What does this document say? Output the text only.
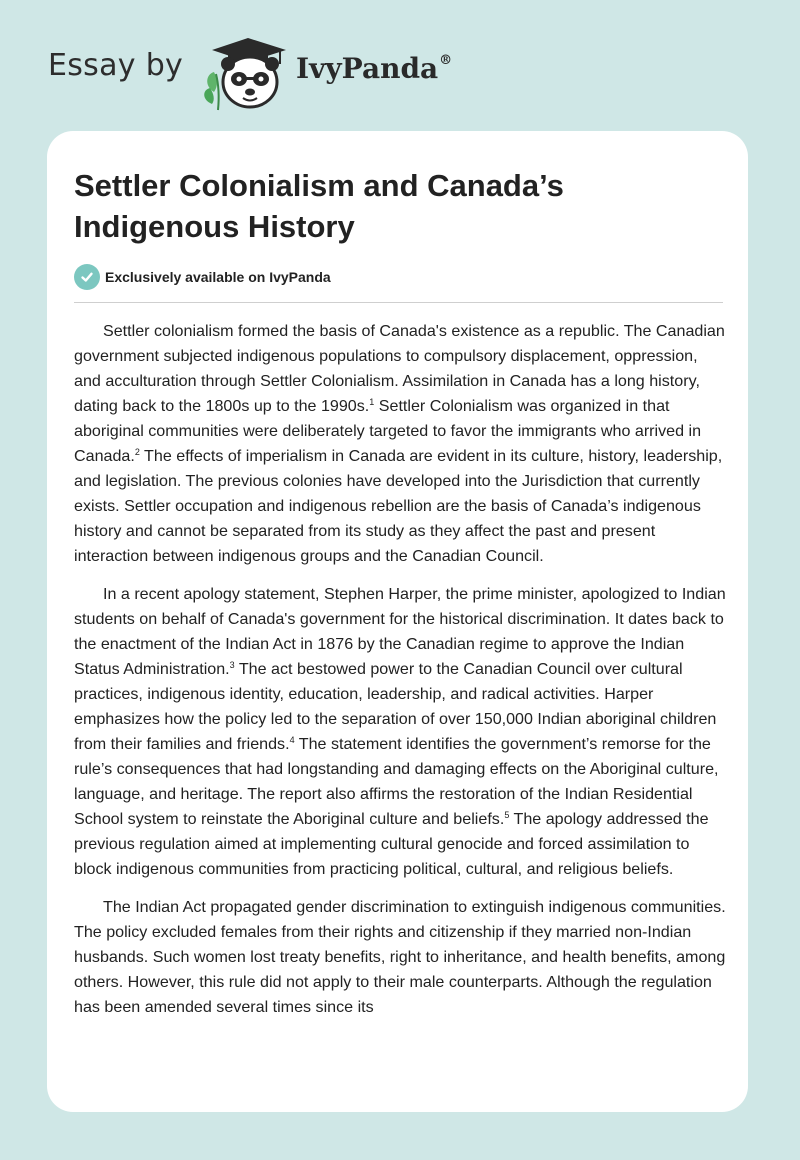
Essay by	IvyPanda®
Settler Colonialism and Canada’s Indigenous History
Exclusively available on IvyPanda

Settler colonialism formed the basis of Canada's existence as a republic. The Canadian government subjected indigenous populations to compulsory displacement, oppression, and acculturation through Settler Colonialism. Assimilation in Canada has a long history, dating back to the 1800s up to the 1990s.$^1$ Settler Colonialism was organized in that aboriginal communities were deliberately targeted to favor the immigrants who arrived in Canada.$^2$ The effects of imperialism in Canada are evident in its culture, history, leadership, and legislation. The previous colonies have developed into the Jurisdiction that currently exists. Settler occupation and indigenous rebellion are the basis of Canada’s indigenous history and cannot be separated from its study as they affect the past and present interaction between indigenous groups and the Canadian Council.

In a recent apology statement, Stephen Harper, the prime minister, apologized to Indian students on behalf of Canada's government for the historical discrimination. It dates back to the enactment of the Indian Act in 1876 by the Canadian regime to approve the Indian Status Administration.$^3$ The act bestowed power to the Canadian Council over cultural practices, indigenous identity, education, leadership, and radical activities. Harper emphasizes how the policy led to the separation of over 150,000 Indian aboriginal children from their families and friends.$^4$ The statement identifies the government’s remorse for the rule’s consequences that had longstanding and damaging effects on the Aboriginal culture, language, and heritage. The report also affirms the restoration of the Indian Residential School system to reinstate the Aboriginal culture and beliefs.$^5$ The apology addressed the previous regulation aimed at implementing cultural genocide and forced assimilation to block indigenous communities from practicing political, cultural, and religious beliefs.

The Indian Act propagated gender discrimination to extinguish indigenous communities. The policy excluded females from their rights and citizenship if they married non-Indian husbands. Such women lost treaty benefits, right to inheritance, and health benefits, among others. However, this rule did not apply to their male counterparts. Although the regulation has been amended several times since its
